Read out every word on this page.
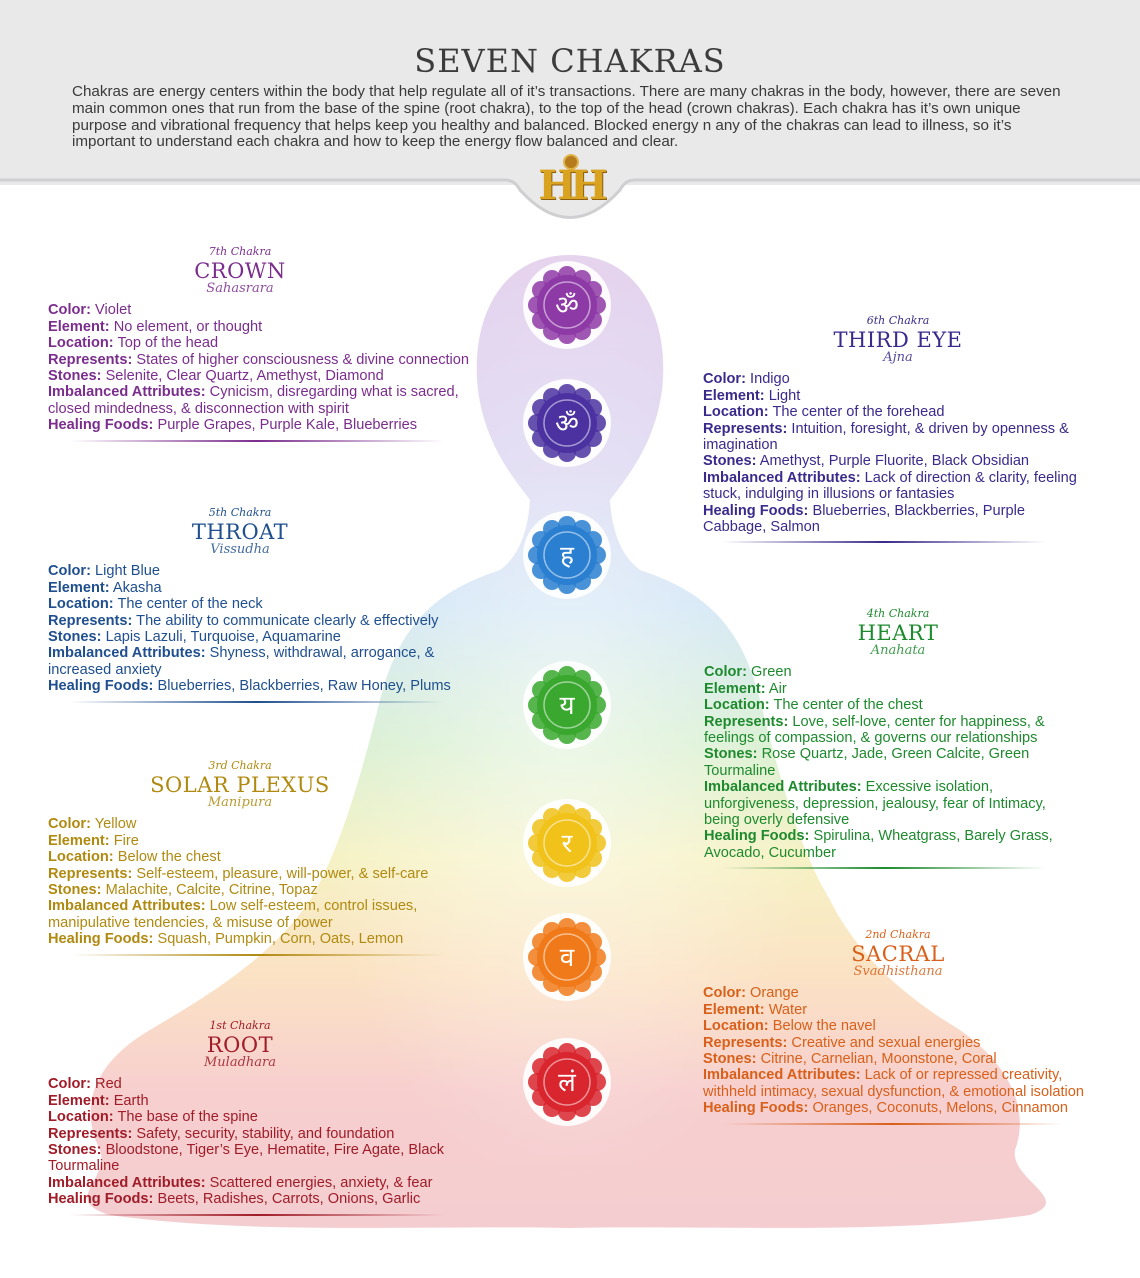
SEVEN CHAKRAS

Chakras are energy centers within the body that help regulate all of it’s transactions. There are many chakras in the body, however, there are seven main common ones that run from the base of the spine (root chakra), to the top of the head (crown chakras). Each chakra has it’s own unique purpose and vibrational frequency that helps keep you healthy and balanced. Blocked energy n any of the chakras can lead to illness, so it’s important to understand each chakra and how to keep the energy flow balanced and clear.

HH
ॐ
ॐ
ह
य
र
व
लं
7th Chakra
CROWN
Sahasrara

Color: Violet

Element: No element, or thought

Location: Top of the head

Represents: States of higher consciousness & divine connection

Stones: Selenite, Clear Quartz, Amethyst, Diamond

Imbalanced Attributes: Cynicism, disregarding what is sacred, closed mindedness, & disconnection with spirit

Healing Foods: Purple Grapes, Purple Kale, Blueberries

6th Chakra
THIRD EYE
Ajna

Color: Indigo

Element: Light

Location: The center of the forehead

Represents: Intuition, foresight, & driven by openness & imagination

Stones: Amethyst, Purple Fluorite, Black Obsidian

Imbalanced Attributes: Lack of direction & clarity, feeling stuck, indulging in illusions or fantasies

Healing Foods: Blueberries, Blackberries, Purple Cabbage, Salmon

5th Chakra
THROAT
Vissudha

Color: Light Blue

Element: Akasha

Location: The center of the neck

Represents: The ability to communicate clearly & effectively

Stones: Lapis Lazuli, Turquoise, Aquamarine

Imbalanced Attributes: Shyness, withdrawal, arrogance, & increased anxiety

Healing Foods: Blueberries, Blackberries, Raw Honey, Plums

4th Chakra
HEART
Anahata

Color: Green

Element: Air

Location: The center of the chest

Represents: Love, self-love, center for happiness, & feelings of compassion, & governs our relationships

Stones: Rose Quartz, Jade, Green Calcite, Green Tourmaline

Imbalanced Attributes: Excessive isolation, unforgiveness, depression, jealousy, fear of Intimacy, being overly defensive

Healing Foods: Spirulina, Wheatgrass, Barely Grass, Avocado, Cucumber

3rd Chakra
SOLAR PLEXUS
Manipura

Color: Yellow

Element: Fire

Location: Below the chest

Represents: Self-esteem, pleasure, will-power, & self-care

Stones: Malachite, Calcite, Citrine, Topaz

Imbalanced Attributes: Low self-esteem, control issues, manipulative tendencies, & misuse of power

Healing Foods: Squash, Pumpkin, Corn, Oats, Lemon	2nd Chakra
SACRAL
Svadhisthana

Color: Orange

Element: Water

Location: Below the navel

Represents: Creative and sexual energies

Stones: Citrine, Carnelian, Moonstone, Coral

Imbalanced Attributes: Lack of or repressed creativity, withheld intimacy, sexual dysfunction, & emotional isolation

Healing Foods: Oranges, Coconuts, Melons, Cinnamon

1st Chakra
ROOT
Muladhara

Color: Red

Element: Earth

Location: The base of the spine

Represents: Safety, security, stability, and foundation

Stones: Bloodstone, Tiger’s Eye, Hematite, Fire Agate, Black Tourmaline

Imbalanced Attributes: Scattered energies, anxiety, & fear

Healing Foods: Beets, Radishes, Carrots, Onions, Garlic
